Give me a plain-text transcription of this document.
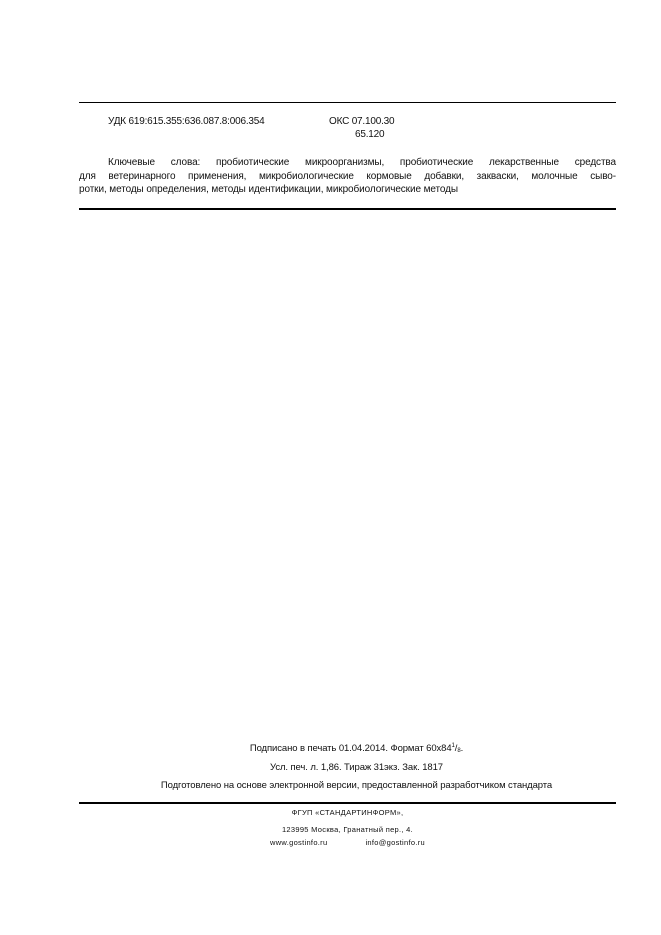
УДК 619:615.355:636.087.8:006.354	ОКС 07.100.30
65.120
Ключевые слова: пробиотические микроорганизмы, пробиотические лекарственные средства
для ветеринарного применения, микробиологические кормовые добавки, закваски, молочные сыво-
ротки, методы определения, методы идентификации, микробиологические методы
Подписано в печать 01.04.2014. Формат $60х84^1/_8$.
Усл. печ. л. 1,86. Тираж 31экз. Зак. 1817
Подготовлено на основе электронной версии, предоставленной разработчиком стандарта
ФГУП «СТАНДАРТИНФОРМ»,
123995 Москва, Гранатный пер., 4.
www.gostinfo.ru	info@gostinfo.ru
